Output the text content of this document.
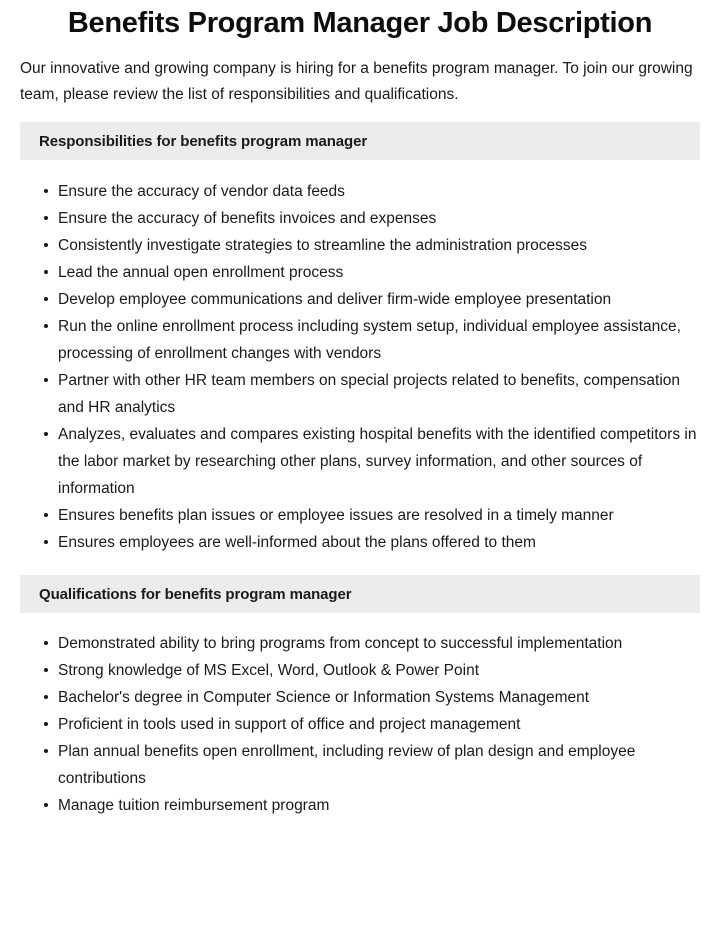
Benefits Program Manager Job Description

Our innovative and growing company is hiring for a benefits program manager. To join our growing team, please review the list of responsibilities and qualifications.

Responsibilities for benefits program manager
Ensure the accuracy of vendor data feeds
Ensure the accuracy of benefits invoices and expenses
Consistently investigate strategies to streamline the administration processes
Lead the annual open enrollment process
Develop employee communications and deliver firm-wide employee presentation
Run the online enrollment process including system setup, individual employee assistance, processing of enrollment changes with vendors
Partner with other HR team members on special projects related to benefits, compensation and HR analytics
Analyzes, evaluates and compares existing hospital benefits with the identified competitors in the labor market by researching other plans, survey information, and other sources of information
Ensures benefits plan issues or employee issues are resolved in a timely manner
Ensures employees are well-informed about the plans offered to them
Qualifications for benefits program manager
Demonstrated ability to bring programs from concept to successful implementation
Strong knowledge of MS Excel, Word, Outlook & Power Point
Bachelor's degree in Computer Science or Information Systems Management
Proficient in tools used in support of office and project management
Plan annual benefits open enrollment, including review of plan design and employee contributions
Manage tuition reimbursement program
